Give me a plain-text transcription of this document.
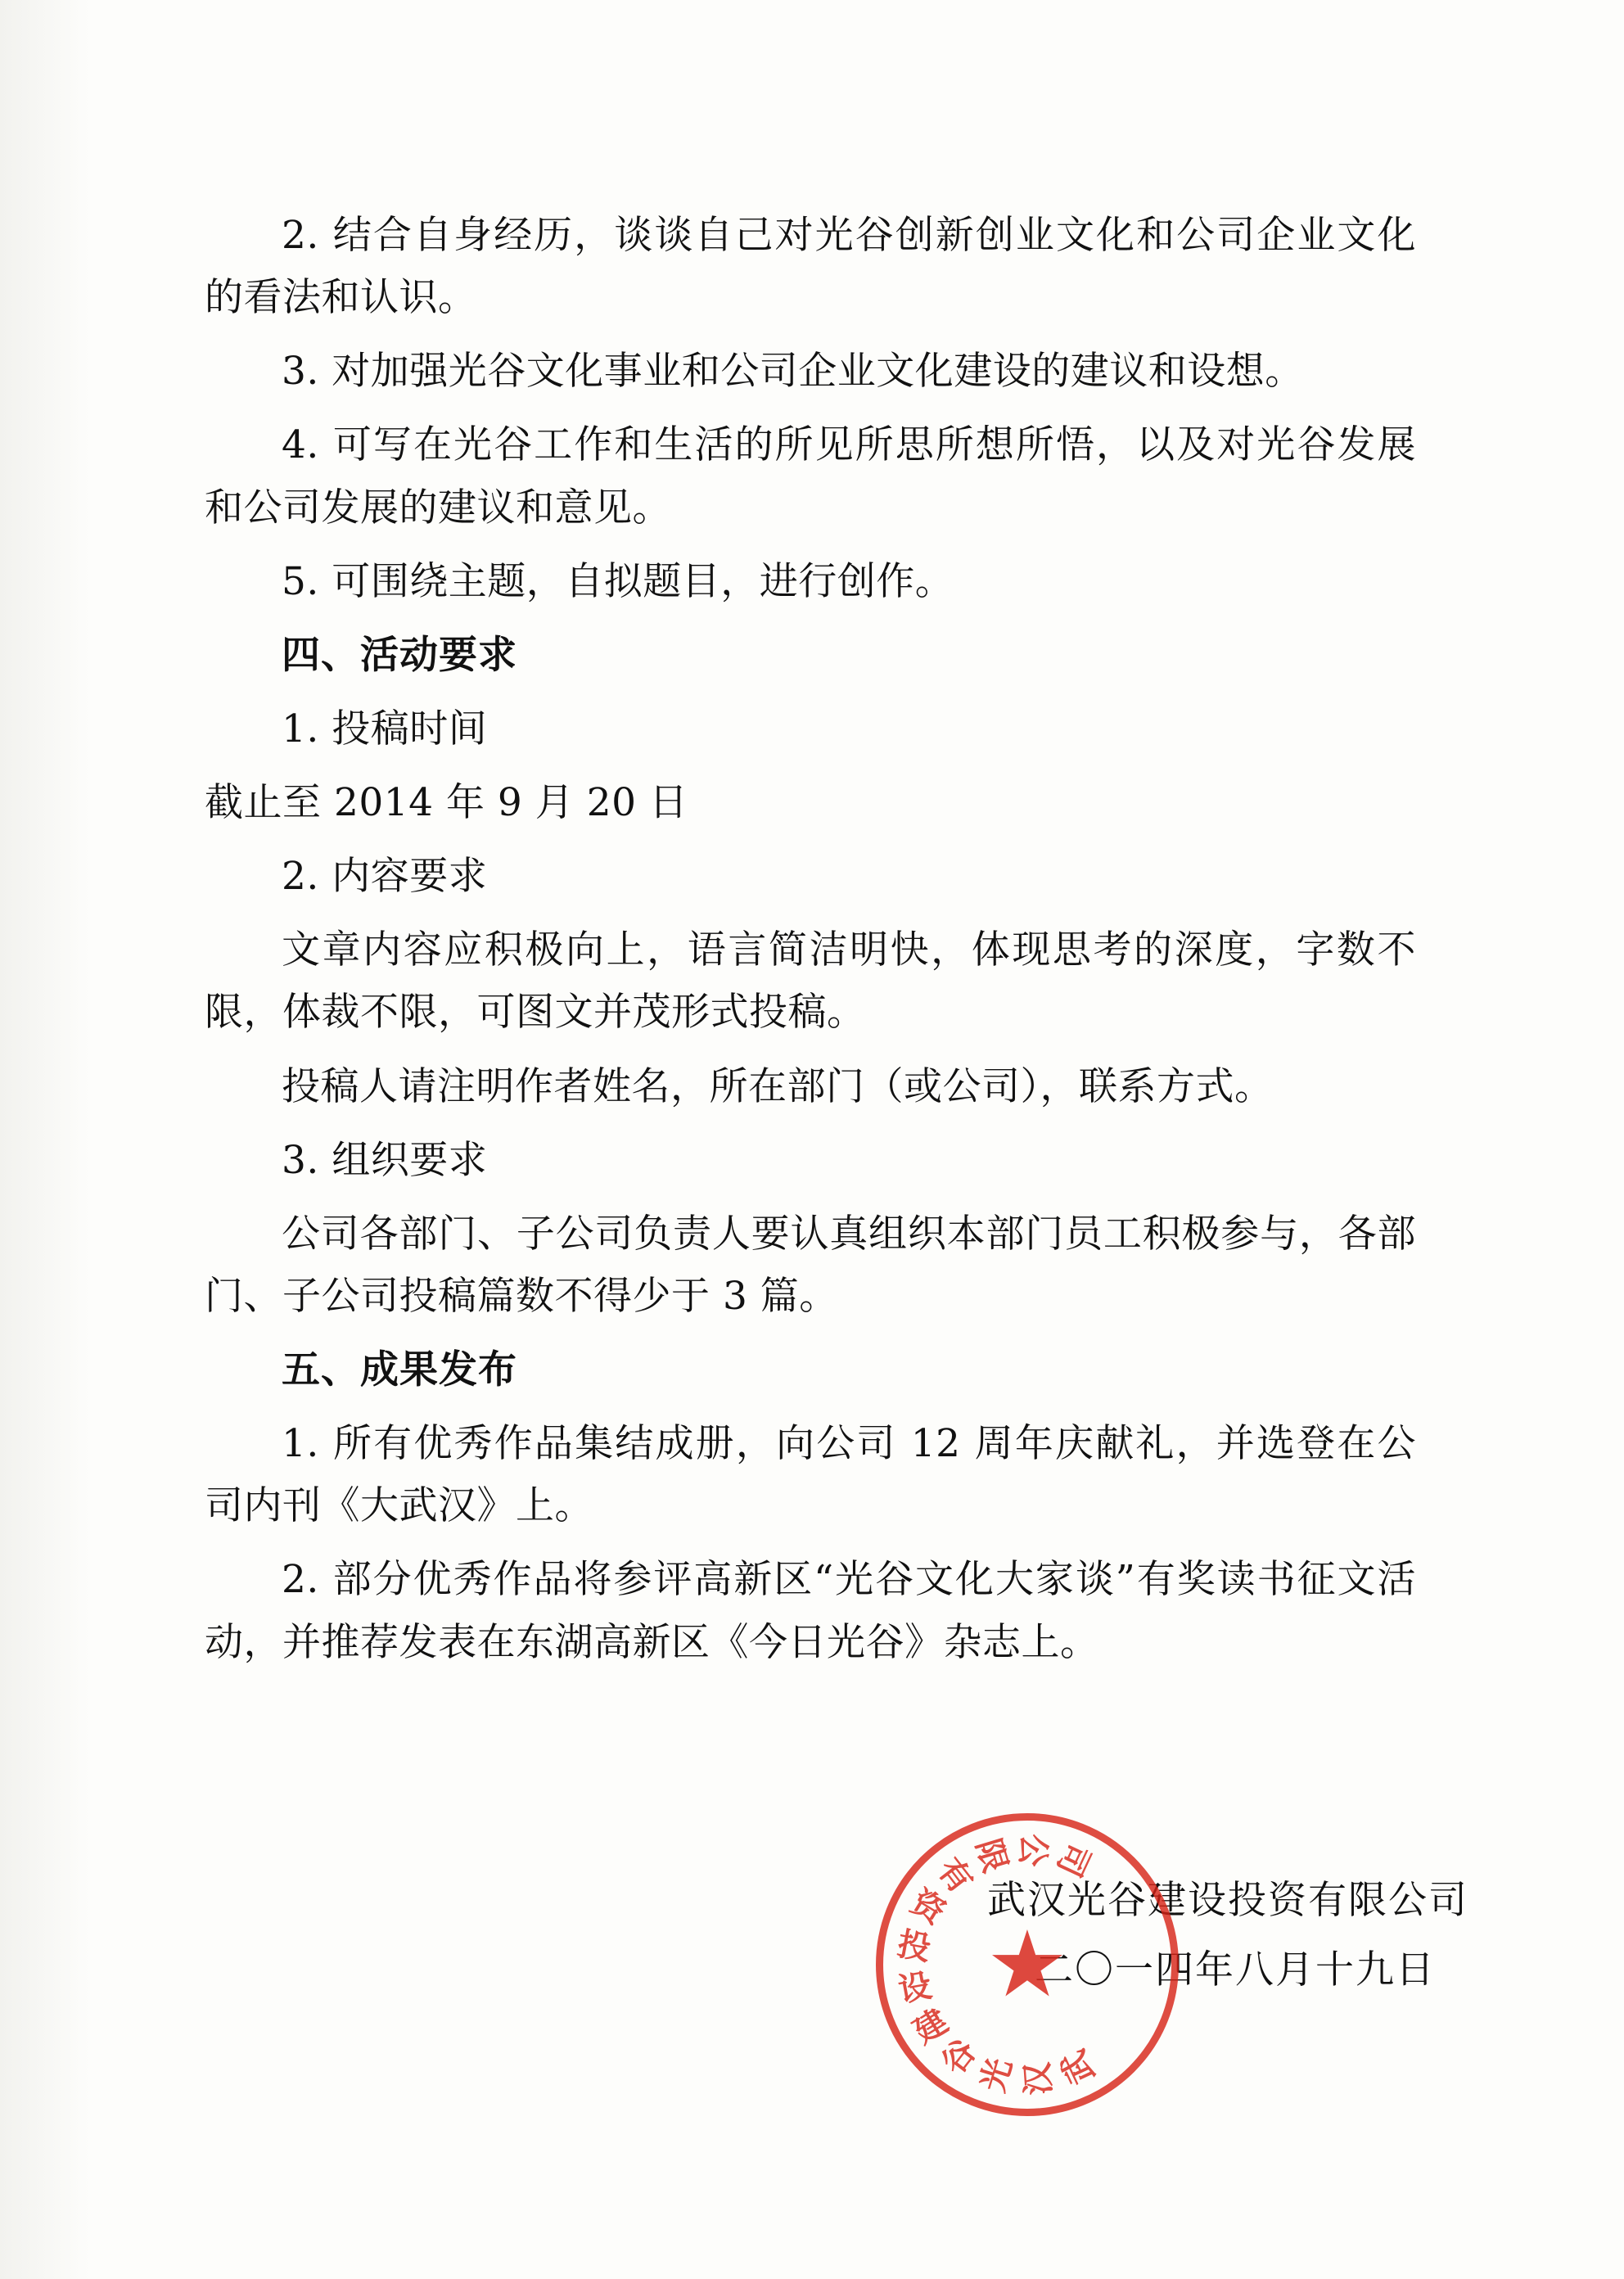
2. 结合自身经历，谈谈自己对光谷创新创业文化和公司企业文化的看法和认识。

3. 对加强光谷文化事业和公司企业文化建设的建议和设想。

4. 可写在光谷工作和生活的所见所思所想所悟，以及对光谷发展和公司发展的建议和意见。

5. 可围绕主题，自拟题目，进行创作。

四、活动要求

1. 投稿时间

截止至 2014 年 9 月 20 日

2. 内容要求

文章内容应积极向上，语言简洁明快，体现思考的深度，字数不限，体裁不限，可图文并茂形式投稿。

投稿人请注明作者姓名，所在部门（或公司），联系方式。

3. 组织要求

公司各部门、子公司负责人要认真组织本部门员工积极参与，各部门、子公司投稿篇数不得少于 3 篇。

五、成果发布

1. 所有优秀作品集结成册，向公司 12 周年庆献礼，并选登在公司内刊《大武汉》上。

2. 部分优秀作品将参评高新区“光谷文化大家谈”有奖读书征文活动，并推荐发表在东湖高新区《今日光谷》杂志上。

武汉光谷建设投资有限公司
二〇一四年八月十九日
武
汉
光
谷
建
设
投
资
有
限
公
司
★
